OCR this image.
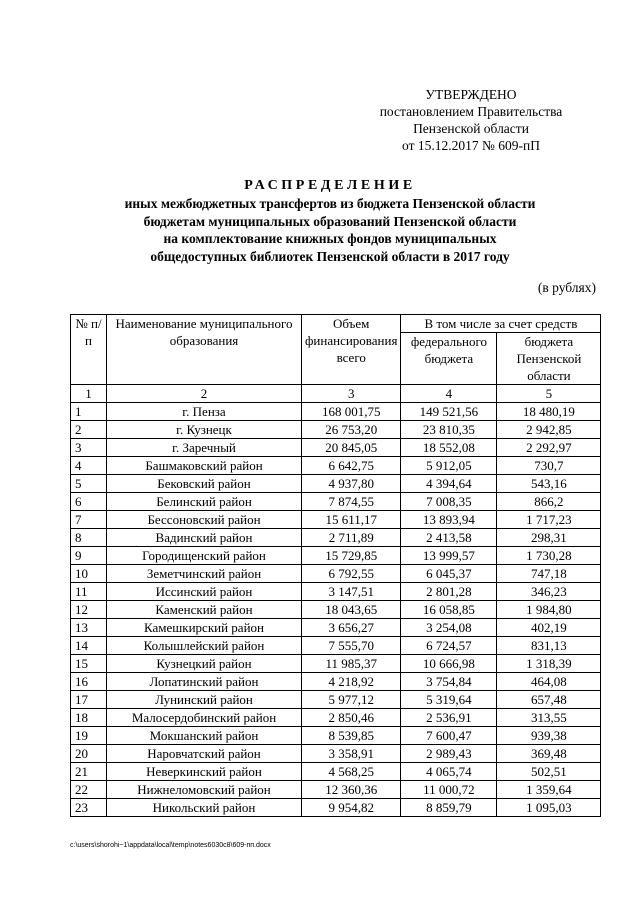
УТВЕРЖДЕНО
постановлением Правительства
Пензенской области
от 15.12.2017 № 609-пП
РАСПРЕДЕЛЕНИЕ
иных межбюджетных трансфертов из бюджета Пензенской области
бюджетам муниципальных образований Пензенской области
на комплектование книжных фондов муниципальных
общедоступных библиотек Пензенской области в 2017 году
(в рублях)
№ п/п	Наименование муниципального образования	Объем финансирования всего	В том числе за счет средств	
			федерального бюджета	бюджета Пензенской области
1	2	3	4	5
1	г. Пенза	168 001,75	149 521,56	18 480,19
2	г. Кузнецк	26 753,20	23 810,35	2 942,85
3	г. Заречный	20 845,05	18 552,08	2 292,97
4	Башмаковский район	6 642,75	5 912,05	730,7
5	Бековский район	4 937,80	4 394,64	543,16
6	Белинский район	7 874,55	7 008,35	866,2
7	Бессоновский район	15 611,17	13 893,94	1 717,23
8	Вадинский район	2 711,89	2 413,58	298,31
9	Городищенский район	15 729,85	13 999,57	1 730,28
10	Земетчинский район	6 792,55	6 045,37	747,18
11	Иссинский район	3 147,51	2 801,28	346,23
12	Каменский район	18 043,65	16 058,85	1 984,80
13	Камешкирский район	3 656,27	3 254,08	402,19
14	Колышлейский район	7 555,70	6 724,57	831,13
15	Кузнецкий район	11 985,37	10 666,98	1 318,39
16	Лопатинский район	4 218,92	3 754,84	464,08
17	Лунинский район	5 977,12	5 319,64	657,48
18	Малосердобинский район	2 850,46	2 536,91	313,55
19	Мокшанский район	8 539,85	7 600,47	939,38
20	Наровчатский район	3 358,91	2 989,43	369,48
21	Неверкинский район	4 568,25	4 065,74	502,51
22	Нижнеломовский район	12 360,36	11 000,72	1 359,64
23	Никольский район	9 954,82	8 859,79	1 095,03
c:\users\shorohi~1\appdata\local\temp\notes6030c8\609-пп.docx
